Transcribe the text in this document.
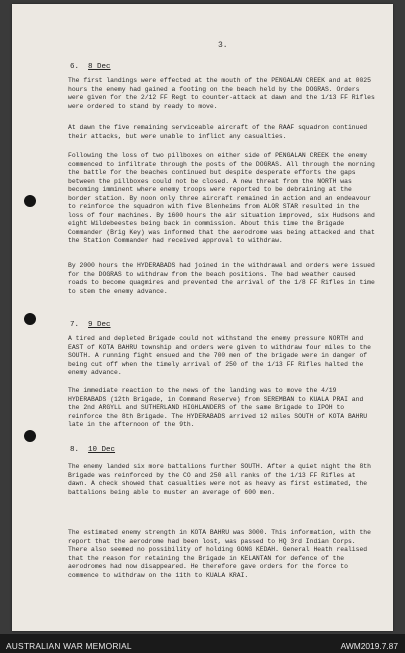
3.
6. 8 Dec
The first landings were effected at the mouth of the PENGALAN CREEK and at 0025 hours the enemy had gained a footing on the beach held by the DOGRAS. Orders were given for the 2/12 FF Regt to counter-attack at dawn and the 1/13 FF Rifles were ordered to stand by ready to move.
At dawn the five remaining serviceable aircraft of the RAAF squadron continued their attacks, but were unable to inflict any casualties.
Following the loss of two pillboxes on either side of PENGALAN CREEK the enemy commenced to infiltrate through the posts of the DOGRAS. All through the morning the battle for the beaches continued but despite desperate efforts the gaps between the pillboxes could not be closed. A new threat from the NORTH was becoming imminent where enemy troops were reported to be debraining at the border station. By noon only three aircraft remained in action and an endeavour to reinforce the squadron with five Blenheims from ALOR STAR resulted in the loss of four machines. By 1600 hours the air situation improved, six Hudsons and eight Wildebeestes being back in commission. About this time the Brigade Commander (Brig Key) was informed that the aerodrome was being attacked and that the Station Commander had received approval to withdraw.
By 2000 hours the HYDERABADS had joined in the withdrawal and orders were issued for the DOGRAS to withdraw from the beach positions. The bad weather caused roads to become quagmires and prevented the arrival of the 1/8 FF Rifles in time to stem the enemy advance.
7. 9 Dec
A tired and depleted Brigade could not withstand the enemy pressure NORTH and EAST of KOTA BAHRU township and orders were given to withdraw four miles to the SOUTH. A running fight ensued and the 700 men of the brigade were in danger of being cut off when the timely arrival of 250 of the 1/13 FF Rifles halted the enemy advance.
The immediate reaction to the news of the landing was to move the 4/19 HYDERABADS (12th Brigade, in Command Reserve) from SEREMBAN to KUALA PRAI and the 2nd ARGYLL and SUTHERLAND HIGHLANDERS of the same Brigade to IPOH to reinforce the 8th Brigade. The HYDERABADS arrived 12 miles SOUTH of KOTA BAHRU late in the afternoon of the 9th.
8. 10 Dec
The enemy landed six more battalions further SOUTH. After a quiet night the 8th Brigade was reinforced by the CO and 250 all ranks of the 1/13 FF Rifles at dawn. A check showed that casualties were not as heavy as first estimated, the battalions being able to muster an average of 600 men.
The estimated enemy strength in KOTA BAHRU was 3000. This information, with the report that the aerodrome had been lost, was passed to HQ 3rd Indian Corps. There also seemed no possibility of holding GONG KEDAH. General Heath realised that the reason for retaining the Brigade in KELANTAN for defence of the aerodromes had now disappeared. He therefore gave orders for the force to commence to withdraw on the 11th to KUALA KRAI.
AUSTRALIAN WAR MEMORIAL	AWM2019.7.87
